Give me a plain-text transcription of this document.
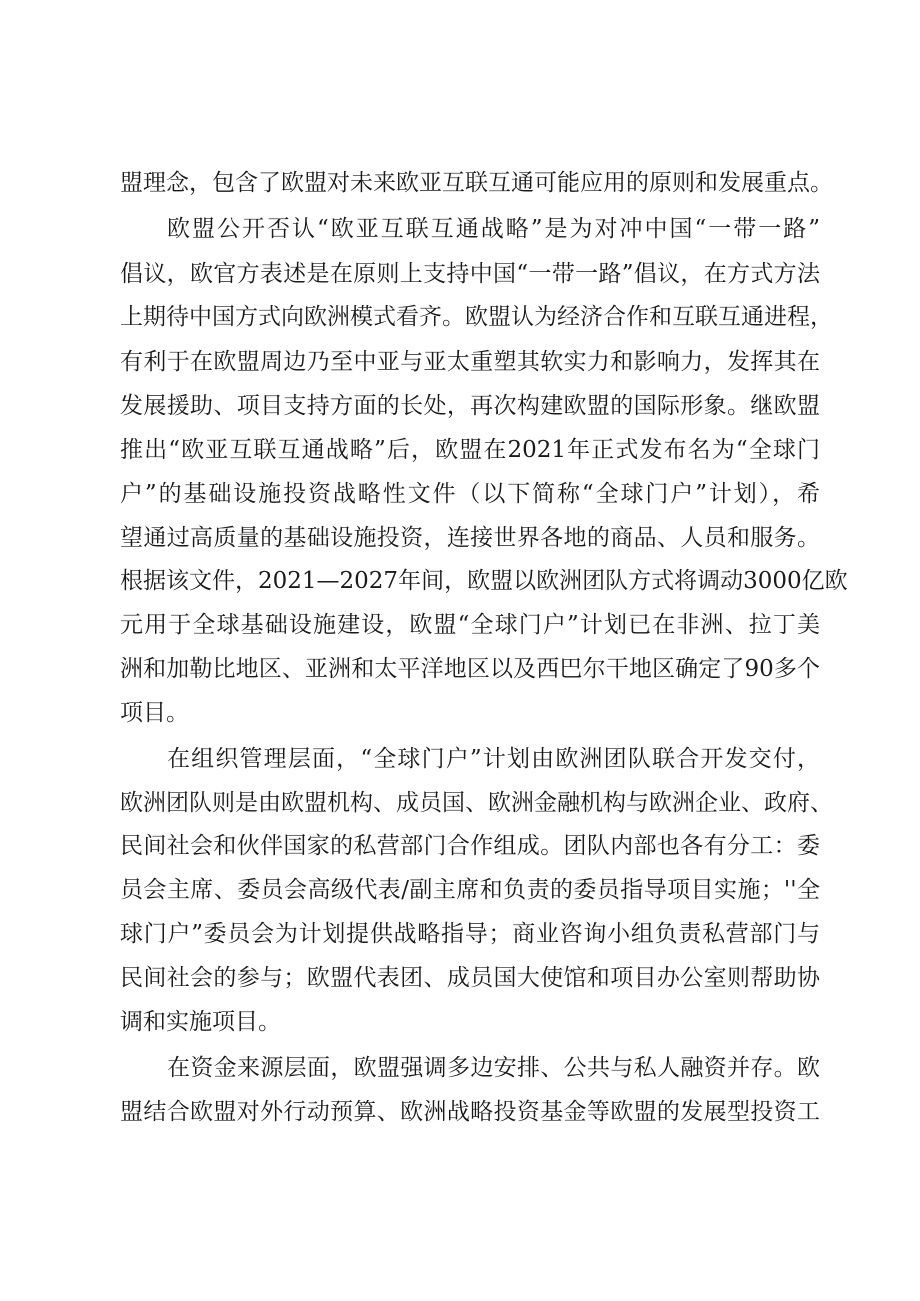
盟理念，包含了欧盟对未来欧亚互联互通可能应用的原则和发展重点。
欧盟公开否认“欧亚互联互通战略”是为对冲中国“一带一路”
倡议，欧官方表述是在原则上支持中国“一带一路”倡议，在方式方法
上期待中国方式向欧洲模式看齐。欧盟认为经济合作和互联互通进程，
有利于在欧盟周边乃至中亚与亚太重塑其软实力和影响力，发挥其在
发展援助、项目支持方面的长处，再次构建欧盟的国际形象。继欧盟
推出“欧亚互联互通战略”后，欧盟在2021年正式发布名为“全球门
户”的基础设施投资战略性文件（以下简称“全球门户”计划），希
望通过高质量的基础设施投资，连接世界各地的商品、人员和服务。
根据该文件，2021—2027年间，欧盟以欧洲团队方式将调动3000亿欧
元用于全球基础设施建设，欧盟“全球门户”计划已在非洲、拉丁美
洲和加勒比地区、亚洲和太平洋地区以及西巴尔干地区确定了90多个
项目。
在组织管理层面，“全球门户”计划由欧洲团队联合开发交付，
欧洲团队则是由欧盟机构、成员国、欧洲金融机构与欧洲企业、政府、
民间社会和伙伴国家的私营部门合作组成。团队内部也各有分工：委
员会主席、委员会高级代表/副主席和负责的委员指导项目实施；''全
球门户”委员会为计划提供战略指导；商业咨询小组负责私营部门与
民间社会的参与；欧盟代表团、成员国大使馆和项目办公室则帮助协
调和实施项目。
在资金来源层面，欧盟强调多边安排、公共与私人融资并存。欧
盟结合欧盟对外行动预算、欧洲战略投资基金等欧盟的发展型投资工
